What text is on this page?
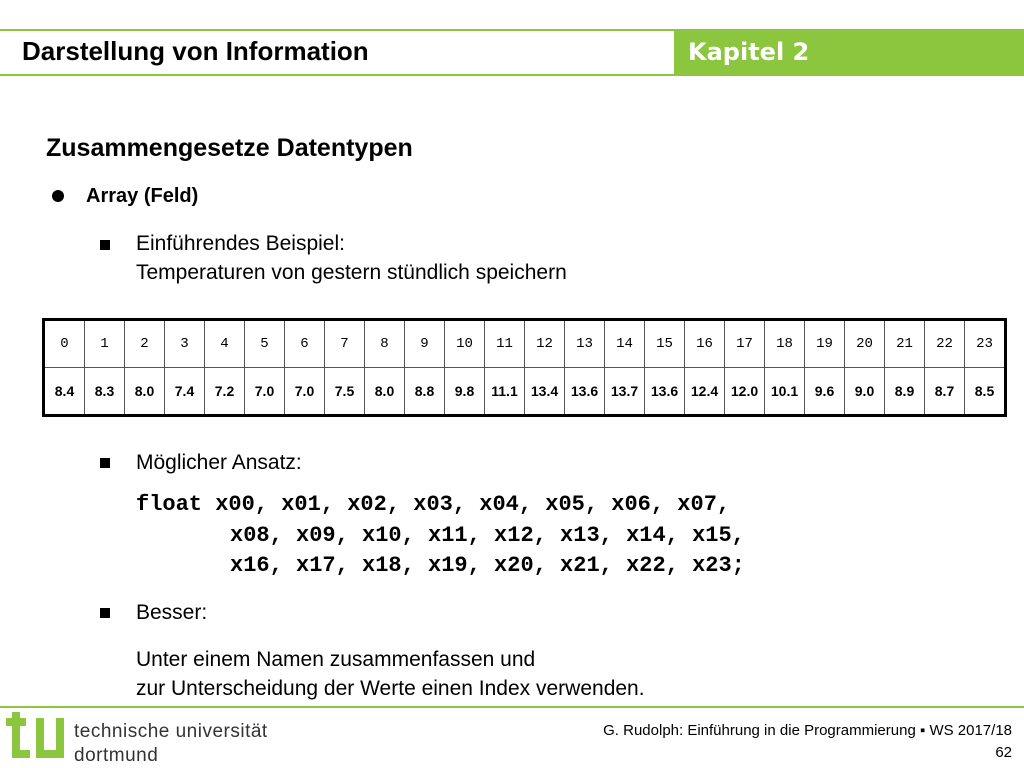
Darstellung von Information	Kapitel 2
Zusammengesetze Datentypen
Array (Feld)
Einführendes Beispiel:
Temperaturen von gestern stündlich speichern
0	1	2	3	4	5	6	7	8	9	10	11	12	13	14	15	16	17	18	19	20	21	22	23
8.4	8.3	8.0	7.4	7.2	7.0	7.0	7.5	8.0	8.8	9.8	11.1	13.4	13.6	13.7	13.6	12.4	12.0	10.1	9.6	9.0	8.9	8.7	8.5
Möglicher Ansatz:
float x00, x01, x02, x03, x04, x05, x06, x07,
x08, x09, x10, x11, x12, x13, x14, x15,
x16, x17, x18, x19, x20, x21, x22, x23;
Besser:
Unter einem Namen zusammenfassen und
zur Unterscheidung der Werte einen Index verwenden.
technische universität
dortmund
G. Rudolph: Einführung in die Programmierung ▪ WS 2017/18
62
